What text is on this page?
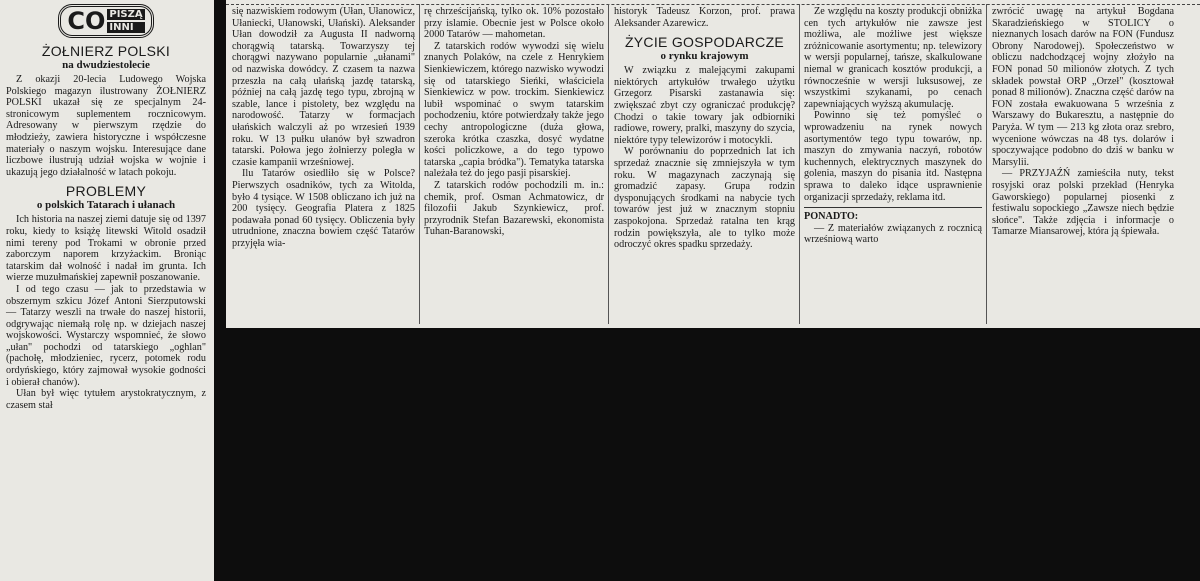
CO PISZĄ
INNI
ŻOŁNIERZ POLSKI
na dwudziestolecie

Z okazji 20-lecia Ludowego Wojska Polskiego magazyn ilustrowany ŻOŁNIERZ POLSKI ukazał się ze specjalnym 24-stronicowym suplementem rocznicowym. Adresowany w pierwszym rzędzie do młodzieży, zawiera historyczne i współczesne materiały o naszym wojsku. Interesujące dane liczbowe ilustrują udział wojska w wojnie i ukazują jego działalność w latach pokoju.

PROBLEMY
o polskich Tatarach i ułanach

Ich historia na naszej ziemi datuje się od 1397 roku, kiedy to książę litewski Witold osadził nimi tereny pod Trokami w obronie przed zaborczym naporem krzyżackim. Broniąc tatarskim dał wolność i nadał im grunta. Ich wierze muzułmańskiej zapewnił poszanowanie.

I od tego czasu — jak to przedstawia w obszernym szkicu Józef Antoni Sierzputowski — Tatarzy weszli na trwałe do naszej historii, odgrywając niemałą rolę np. w dziejach naszej wojskowości. Wystarczy wspomnieć, że słowo „ułan" pochodzi od tatarskiego „oghlan" (pachołę, młodzieniec, rycerz, potomek rodu ordyńskiego, który zajmował wysokie godności i obierał chanów).

Ułan był więc tytułem arystokratycznym, z czasem stał

się nazwiskiem rodowym (Ułan, Ułanowicz, Ułaniecki, Ułanowski, Ułański). Aleksander Ułan dowodził za Augusta II nadworną chorągwią tatarską. Towarzyszy tej chorągwi nazywano popularnie „ułanami" od nazwiska dowódcy. Z czasem ta nazwa przeszła na całą ułańską jazdę tatarską, później na całą jazdę tego typu, zbrojną w szable, lance i pistolety, bez względu na narodowość. Tatarzy w formacjach ułańskich walczyli aż po wrzesień 1939 roku. W 13 pułku ułanów był szwadron tatarski. Połowa jego żołnierzy poległa w czasie kampanii wrześniowej.

Ilu Tatarów osiedliło się w Polsce? Pierwszych osadników, tych za Witolda, było 4 tysiące. W 1508 obliczano ich już na 200 tysięcy. Geografia Platera z 1825 podawała ponad 60 tysięcy. Obliczenia były utrudnione, znaczna bowiem część Tatarów przyjęła wia-

rę chrześcijańską, tylko ok. 10% pozostało przy islamie. Obecnie jest w Polsce około 2000 Tatarów — mahometan.

Z tatarskich rodów wywodzi się wielu znanych Polaków, na czele z Henrykiem Sienkiewiczem, którego nazwisko wywodzi się od tatarskiego Sieńki, właściciela Sienkiewicz w pow. trockim. Sienkiewicz lubił wspominać o swym tatarskim pochodzeniu, które potwierdzały także jego cechy antropologiczne (duża głowa, szeroka krótka czaszka, dosyć wydatne kości policzkowe, a do tego typowo tatarska „capia bródka"). Tematyka tatarska należała też do jego pasji pisarskiej.

Z tatarskich rodów pochodzili m. in.: chemik, prof. Osman Achmatowicz, dr filozofii Jakub Szynkiewicz, prof. przyrodnik Stefan Bazarewski, ekonomista Tuhan-Baranowski,

historyk Tadeusz Korzon, prof. prawa Aleksander Azarewicz.

ŻYCIE GOSPODARCZE
o rynku krajowym

W związku z malejącymi zakupami niektórych artykułów trwałego użytku Grzegorz Pisarski zastanawia się: zwiększać zbyt czy ograniczać produkcję? Chodzi o takie towary jak odbiorniki radiowe, rowery, pralki, maszyny do szycia, niektóre typy telewizorów i motocykli.

W porównaniu do poprzednich lat ich sprzedaż znacznie się zmniejszyła w tym roku. W magazynach zaczynają się gromadzić zapasy. Grupa rodzin dysponujących środkami na nabycie tych towarów jest już w znacznym stopniu zaspokojona. Sprzedaż ratalna ten krąg rodzin powiększyła, ale to tylko może odroczyć okres spadku sprzedaży.

Ze względu na koszty produkcji obniżka cen tych artykułów nie zawsze jest możliwa, ale możliwe jest większe zróżnicowanie asortymentu; np. telewizory w wersji popularnej, tańsze, skalkulowane niemal w granicach kosztów produkcji, a równocześnie w wersji luksusowej, ze wszystkimi szykanami, po cenach zapewniających wyższą akumulację.

Powinno się też pomyśleć o wprowadzeniu na rynek nowych asortymentów tego typu towarów, np. maszyn do zmywania naczyń, robotów kuchennych, elektrycznych maszynek do golenia, maszyn do pisania itd. Następna sprawa to daleko idące usprawnienie organizacji sprzedaży, reklama itd.

PONADTO:

— Z materiałów związanych z rocznicą wrześniową warto

zwrócić uwagę na artykuł Bogdana Skaradzieńskiego w STOLICY o nieznanych losach darów na FON (Fundusz Obrony Narodowej). Społeczeństwo w obliczu nadchodzącej wojny złożyło na FON ponad 50 milionów złotych. Z tych składek powstał ORP „Orzeł" (kosztował ponad 8 milionów). Znaczna część darów na FON została ewakuowana 5 września z Warszawy do Bukaresztu, a następnie do Paryża. W tym — 213 kg złota oraz srebro, wycenione wówczas na 48 tys. dolarów i spoczywające podobno do dziś w banku w Marsylii.

— PRZYJAŹŃ zamieściła nuty, tekst rosyjski oraz polski przekład (Henryka Gaworskiego) popularnej piosenki z festiwalu sopockiego „Zawsze niech będzie słońce". Także zdjęcia i informacje o Tamarze Miansarowej, która ją śpiewała.
